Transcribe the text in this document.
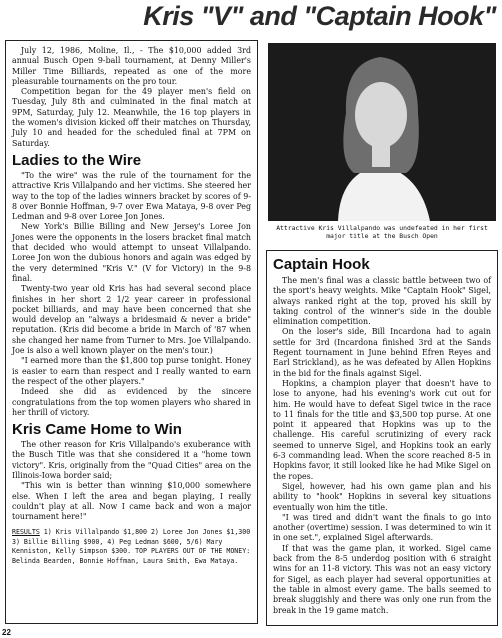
Kris "V" and "Captain Hook"

July 12, 1986, Moline, Il., - The $10,000 added 3rd annual Busch Open 9-ball tournament, at Denny Miller's Miller Time Billiards, repeated as one of the more pleasurable tournaments on the pro tour.

Competition began for the 49 player men's field on Tuesday, July 8th and culminated in the final match at 9PM, Saturday, July 12. Meanwhile, the 16 top players in the women's division kicked off their matches on Thursday, July 10 and headed for the scheduled final at 7PM on Saturday.

Ladies to the Wire

"To the wire" was the rule of the tournament for the attractive Kris Villalpando and her victims. She steered her way to the top of the ladies winners bracket by scores of 9-8 over Bonnie Hoffman, 9-7 over Ewa Mataya, 9-8 over Peg Ledman and 9-8 over Loree Jon Jones.

New York's Billie Billing and New Jersey's Loree Jon Jones were the opponents in the losers bracket final match that decided who would attempt to unseat Villalpando. Loree Jon won the dubious honors and again was edged by the very determined "Kris V." (V for Victory) in the 9-8 final.

Twenty-two year old Kris has had several second place finishes in her short 2 1/2 year career in professional pocket billiards, and may have been concerned that she would develop an "always a bridesmaid & never a bride" reputation. (Kris did become a bride in March of '87 when she changed her name from Turner to Mrs. Joe Villalpando. Joe is also a well known player on the men's tour.)

"I earned more than the $1,800 top purse tonight. Honey is easier to earn than respect and I really wanted to earn the respect of the other players."

Indeed she did as evidenced by the sincere congratulations from the top women players who shared in her thrill of victory.

Kris Came Home to Win

The other reason for Kris Villalpando's exuberance with the Busch Title was that she considered it a "home town victory". Kris, originally from the "Quad Cities" area on the Illinois-Iowa border said;

"This win is better than winning $10,000 somewhere else. When I left the area and began playing, I really couldn't play at all. Now I came back and won a major tournament here!"

RESULTS 1) Kris Villalpando $1,800 2) Loree Jon Jones $1,300 3) Billie Billing $900, 4) Peg Ledman $600, 5/6) Mary Kenniston, Kelly Simpson $300. TOP PLAYERS OUT OF THE MONEY: Belinda Bearden, Bonnie Hoffman, Laura Smith, Ewa Mataya.
Attractive Kris Villalpando was undefeated in her first major title at the Busch Open
Captain Hook

The men's final was a classic battle between two of the sport's heavy weights. Mike "Captain Hook" Sigel, always ranked right at the top, proved his skill by taking control of the winner's side in the double elimination competition.

On the loser's side, Bill Incardona had to again settle for 3rd (Incardona finished 3rd at the Sands Regent tournament in June behind Efren Reyes and Earl Strickland), as he was defeated by Allen Hopkins in the bid for the finals against Sigel.

Hopkins, a champion player that doesn't have to lose to anyone, had his evening's work cut out for him. He would have to defeat Sigel twice in the race to 11 finals for the title and $3,500 top purse. At one point it appeared that Hopkins was up to the challenge. His careful scrutinizing of every rack seemed to unnerve Sigel, and Hopkins took an early 6-3 commanding lead. When the score reached 8-5 in Hopkins favor, it still looked like he had Mike Sigel on the ropes.

Sigel, however, had his own game plan and his ability to "hook" Hopkins in several key situations eventually won him the title.

"I was tired and didn't want the finals to go into another (overtime) session. I was determined to win it in one set.", explained Sigel afterwards.

If that was the game plan, it worked. Sigel came back from the 8-5 underdog position with 6 straight wins for an 11-8 victory. This was not an easy victory for Sigel, as each player had several opportunities at the table in almost every game. The balls seemed to break sluggishly and there was only one run from the break in the 19 game match.

22
